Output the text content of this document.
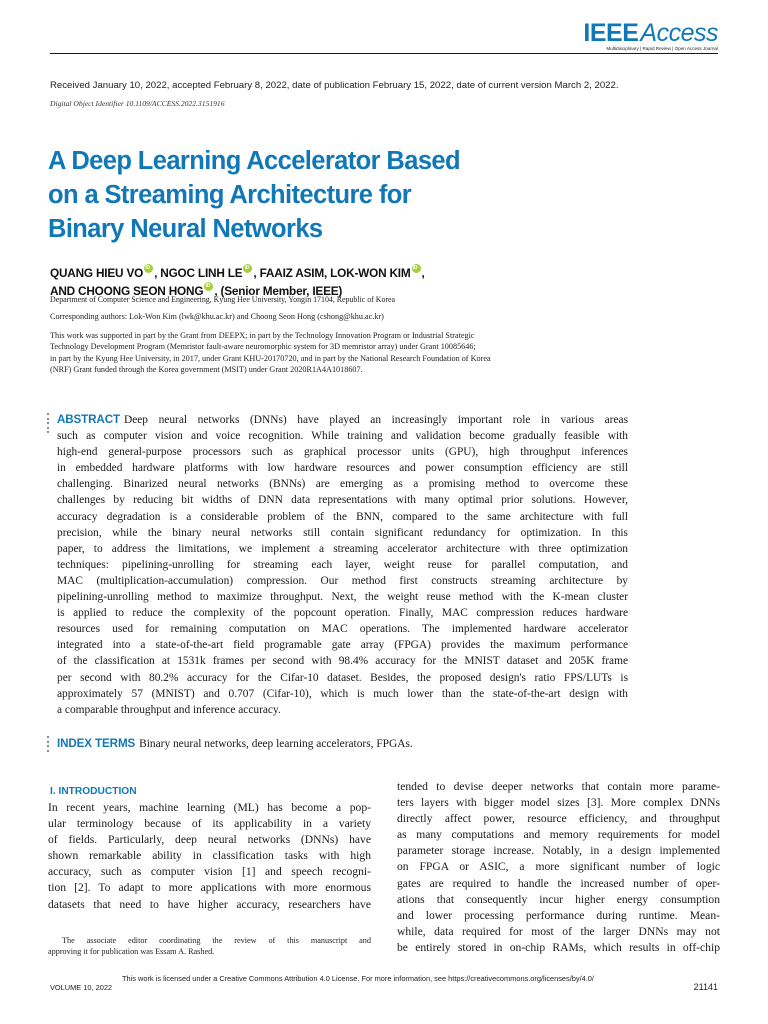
IEEEAccess
Multidisciplinary | Rapid Review | Open Access Journal
Received January 10, 2022, accepted February 8, 2022, date of publication February 15, 2022, date of current version March 2, 2022.
Digital Object Identifier 10.1109/ACCESS.2022.3151916
A Deep Learning Accelerator Based
on a Streaming Architecture for
Binary Neural Networks
QUANG HIEU VO iD , NGOC LINH LE iD , FAAIZ ASIM, LOK-WON KIM iD ,
AND CHOONG SEON HONG iD , (Senior Member, IEEE)
Department of Computer Science and Engineering, Kyung Hee University, Yongin 17104, Republic of Korea
Corresponding authors: Lok-Won Kim (lwk@khu.ac.kr) and Choong Seon Hong (cshong@khu.ac.kr)
This work was supported in part by the Grant from DEEPX; in part by the Technology Innovation Program or Industrial Strategic
Technology Development Program (Memristor fault-aware neuromorphic system for 3D memristor array) under Grant 10085646;
in part by the Kyung Hee University, in 2017, under Grant KHU-20170720, and in part by the National Research Foundation of Korea
(NRF) Grant funded through the Korea government (MSIT) under Grant 2020R1A4A1018607.
ABSTRACT Deep neural networks (DNNs) have played an increasingly important role in various areas
such as computer vision and voice recognition. While training and validation become gradually feasible with
high-end general-purpose processors such as graphical processor units (GPU), high throughput inferences
in embedded hardware platforms with low hardware resources and power consumption efficiency are still
challenging. Binarized neural networks (BNNs) are emerging as a promising method to overcome these
challenges by reducing bit widths of DNN data representations with many optimal prior solutions. However,
accuracy degradation is a considerable problem of the BNN, compared to the same architecture with full
precision, while the binary neural networks still contain significant redundancy for optimization. In this
paper, to address the limitations, we implement a streaming accelerator architecture with three optimization
techniques: pipelining-unrolling for streaming each layer, weight reuse for parallel computation, and
MAC (multiplication-accumulation) compression. Our method first constructs streaming architecture by
pipelining-unrolling method to maximize throughput. Next, the weight reuse method with the K-mean cluster
is applied to reduce the complexity of the popcount operation. Finally, MAC compression reduces hardware
resources used for remaining computation on MAC operations. The implemented hardware accelerator
integrated into a state-of-the-art field programable gate array (FPGA) provides the maximum performance
of the classification at 1531k frames per second with 98.4% accuracy for the MNIST dataset and 205K frame
per second with 80.2% accuracy for the Cifar-10 dataset. Besides, the proposed design's ratio FPS/LUTs is
approximately 57 (MNIST) and 0.707 (Cifar-10), which is much lower than the state-of-the-art design with
a comparable throughput and inference accuracy.
INDEX TERMS Binary neural networks, deep learning accelerators, FPGAs.
I. INTRODUCTION
In recent years, machine learning (ML) has become a pop-
ular terminology because of its applicability in a variety
of fields. Particularly, deep neural networks (DNNs) have
shown remarkable ability in classification tasks with high
accuracy, such as computer vision [1] and speech recogni-
tion [2]. To adapt to more applications with more enormous
datasets that need to have higher accuracy, researchers have
tended to devise deeper networks that contain more parame-
ters layers with bigger model sizes [3]. More complex DNNs
directly affect power, resource efficiency, and throughput
as many computations and memory requirements for model
parameter storage increase. Notably, in a design implemented
on FPGA or ASIC, a more significant number of logic
gates are required to handle the increased number of oper-
ations that consequently incur higher energy consumption
and lower processing performance during runtime. Mean-
while, data required for most of the larger DNNs may not
be entirely stored in on-chip RAMs, which results in off-chip
The associate editor coordinating the review of this manuscript and
approving it for publication was Essam A. Rashed.
VOLUME 10, 2022
This work is licensed under a Creative Commons Attribution 4.0 License. For more information, see https://creativecommons.org/licenses/by/4.0/
21141
